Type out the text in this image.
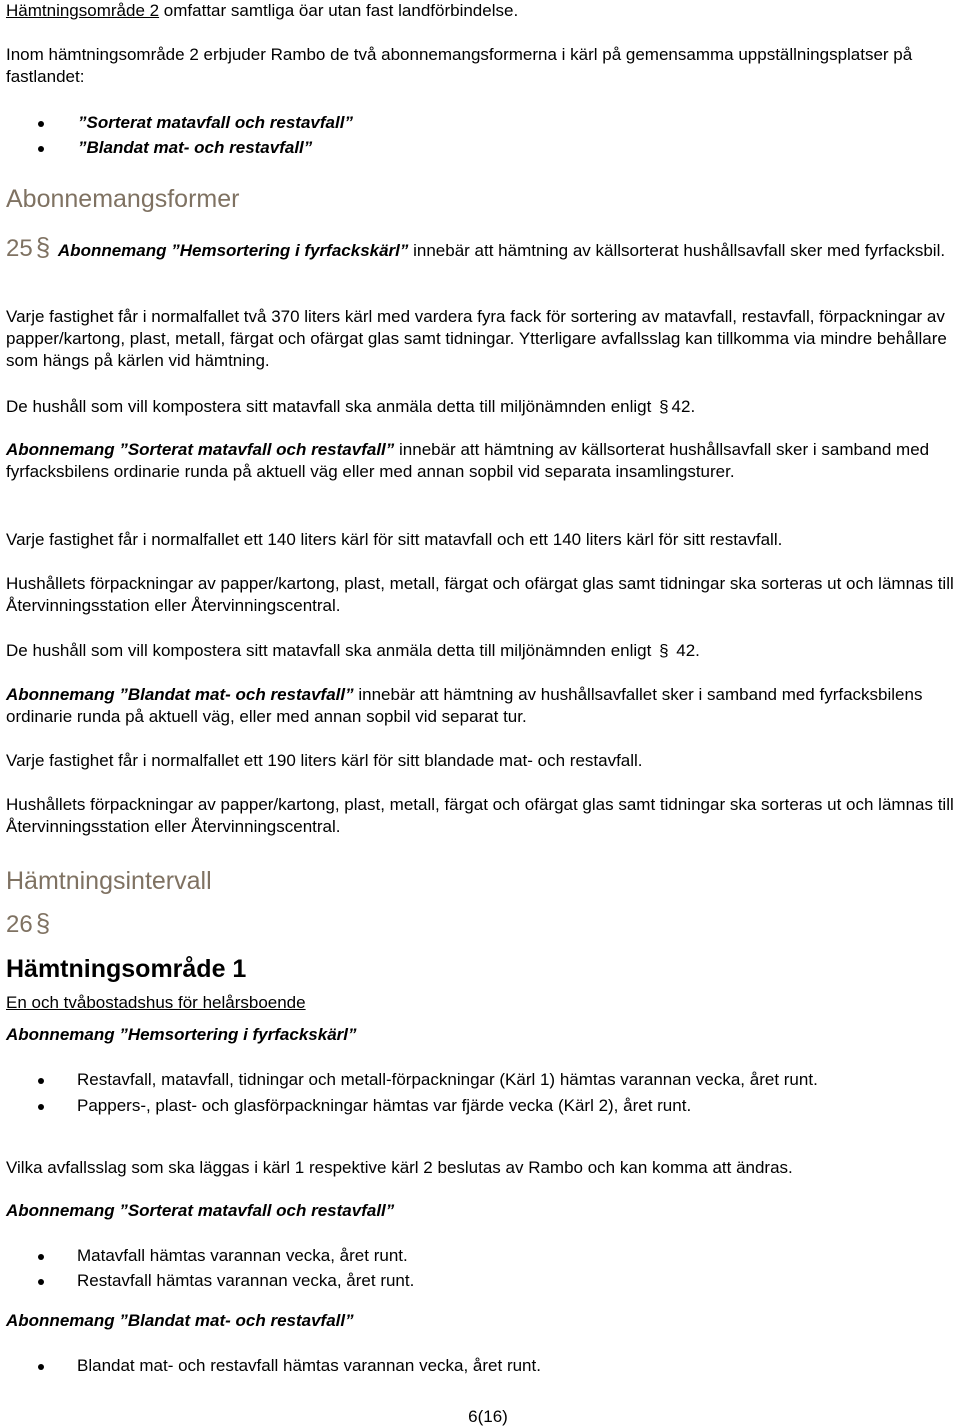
Hämtningsområde 2 omfattar samtliga öar utan fast landförbindelse.

Inom hämtningsområde 2 erbjuder Rambo de två abonnemangsformerna i kärl på gemensamma uppställningsplatser på fastlandet:

”Sorterat matavfall och restavfall”
”Blandat mat- och restavfall”

Abonnemangsformer

25 § Abonnemang ”Hemsortering i fyrfackskärl” innebär att hämtning av källsorterat hushållsavfall sker med fyrfacksbil.

Varje fastighet får i normalfallet två 370 liters kärl med vardera fyra fack för sortering av matavfall, restavfall, förpackningar av papper/kartong, plast, metall, färgat och ofärgat glas samt tidningar. Ytterligare avfallsslag kan tillkomma via mindre behållare som hängs på kärlen vid hämtning.

De hushåll som vill kompostera sitt matavfall ska anmäla detta till miljönämnden enligt § 42.

Abonnemang ”Sorterat matavfall och restavfall” innebär att hämtning av källsorterat hushållsavfall sker i samband med fyrfacksbilens ordinarie runda på aktuell väg eller med annan sopbil vid separata insamlingsturer.

Varje fastighet får i normalfallet ett 140 liters kärl för sitt matavfall och ett 140 liters kärl för sitt restavfall.

Hushållets förpackningar av papper/kartong, plast, metall, färgat och ofärgat glas samt tidningar ska sorteras ut och lämnas till Återvinningsstation eller Återvinningscentral.

De hushåll som vill kompostera sitt matavfall ska anmäla detta till miljönämnden enligt § 42.

Abonnemang ”Blandat mat- och restavfall” innebär att hämtning av hushållsavfallet sker i samband med fyrfacksbilens ordinarie runda på aktuell väg, eller med annan sopbil vid separat tur.

Varje fastighet får i normalfallet ett 190 liters kärl för sitt blandade mat- och restavfall.

Hushållets förpackningar av papper/kartong, plast, metall, färgat och ofärgat glas samt tidningar ska sorteras ut och lämnas till Återvinningsstation eller Återvinningscentral.

Hämtningsintervall

26 §

Hämtningsområde 1

En och tvåbostadshus för helårsboende

Abonnemang ”Hemsortering i fyrfackskärl”

Restavfall, matavfall, tidningar och metall-förpackningar (Kärl 1) hämtas varannan vecka, året runt.
Pappers-, plast- och glasförpackningar hämtas var fjärde vecka (Kärl 2), året runt.

Vilka avfallsslag som ska läggas i kärl 1 respektive kärl 2 beslutas av Rambo och kan komma att ändras.

Abonnemang ”Sorterat matavfall och restavfall”

Matavfall hämtas varannan vecka, året runt.
Restavfall hämtas varannan vecka, året runt.

Abonnemang ”Blandat mat- och restavfall”

Blandat mat- och restavfall hämtas varannan vecka, året runt.
6(16)
